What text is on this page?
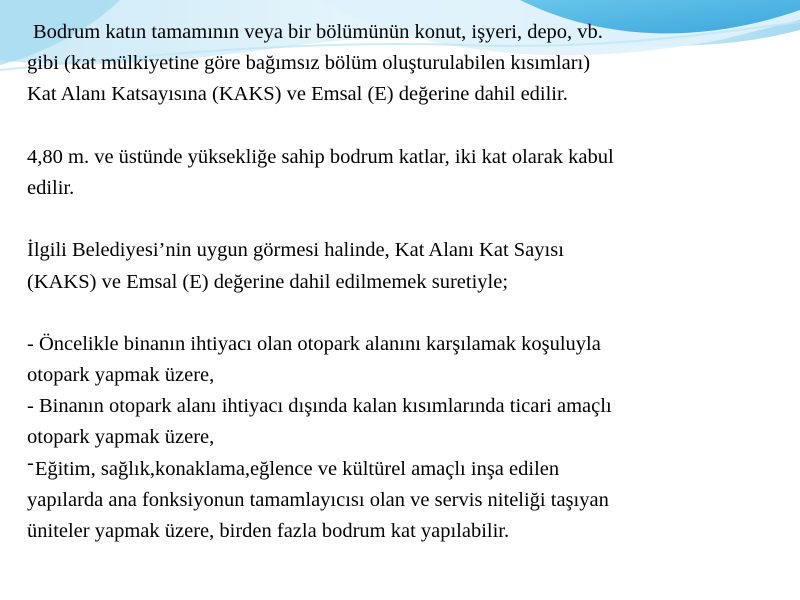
Bodrum katın tamamının veya bir bölümünün konut, işyeri, depo, vb.
gibi (kat mülkiyetine göre bağımsız bölüm oluşturulabilen kısımları)
Kat Alanı Katsayısına (KAKS) ve Emsal (E) değerine dahil edilir.
4,80 m. ve üstünde yüksekliğe sahip bodrum katlar, iki kat olarak kabul
edilir.
İlgili Belediyesi’nin uygun görmesi halinde, Kat Alanı Kat Sayısı
(KAKS) ve Emsal (E) değerine dahil edilmemek suretiyle;
- Öncelikle binanın ihtiyacı olan otopark alanını karşılamak koşuluyla
otopark yapmak üzere,
- Binanın otopark alanı ihtiyacı dışında kalan kısımlarında ticari amaçlı
otopark yapmak üzere,
-Eğitim, sağlık,konaklama,eğlence ve kültürel amaçlı inşa edilen
yapılarda ana fonksiyonun tamamlayıcısı olan ve servis niteliği taşıyan
üniteler yapmak üzere, birden fazla bodrum kat yapılabilir.
